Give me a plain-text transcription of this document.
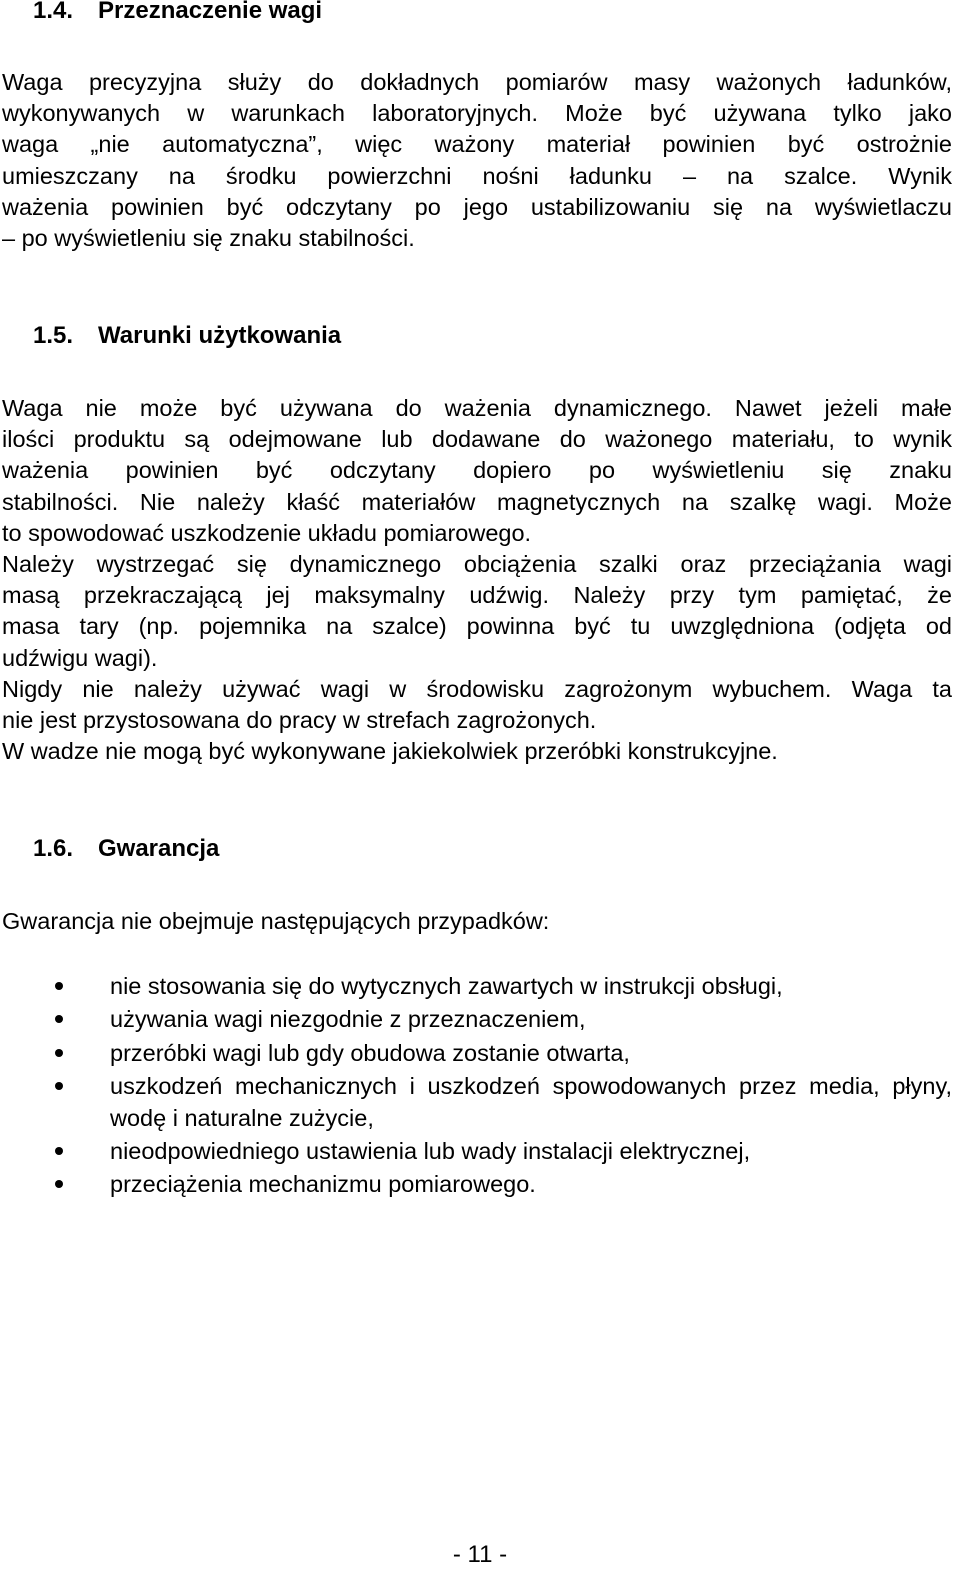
1.4. Przeznaczenie wagi
Waga precyzyjna służy do dokładnych pomiarów masy ważonych ładunków,
wykonywanych w warunkach laboratoryjnych. Może być używana tylko jako
waga „nie automatyczna”, więc ważony materiał powinien być ostrożnie
umieszczany na środku powierzchni nośni ładunku – na szalce. Wynik
ważenia powinien być odczytany po jego ustabilizowaniu się na wyświetlaczu
– po wyświetleniu się znaku stabilności.
1.5. Warunki użytkowania
Waga nie może być używana do ważenia dynamicznego. Nawet jeżeli małe
ilości produktu są odejmowane lub dodawane do ważonego materiału, to wynik
ważenia powinien być odczytany dopiero po wyświetleniu się znaku
stabilności. Nie należy kłaść materiałów magnetycznych na szalkę wagi. Może
to spowodować uszkodzenie układu pomiarowego.
Należy wystrzegać się dynamicznego obciążenia szalki oraz przeciążania wagi
masą przekraczającą jej maksymalny udźwig. Należy przy tym pamiętać, że
masa tary (np. pojemnika na szalce) powinna być tu uwzględniona (odjęta od
udźwigu wagi).
Nigdy nie należy używać wagi w środowisku zagrożonym wybuchem. Waga ta
nie jest przystosowana do pracy w strefach zagrożonych.
W wadze nie mogą być wykonywane jakiekolwiek przeróbki konstrukcyjne.
1.6. Gwarancja
Gwarancja nie obejmuje następujących przypadków:
nie stosowania się do wytycznych zawartych w instrukcji obsługi,
używania wagi niezgodnie z przeznaczeniem,
przeróbki wagi lub gdy obudowa zostanie otwarta,
uszkodzeń mechanicznych i uszkodzeń spowodowanych przez media, płyny, wodę i naturalne zużycie,
nieodpowiedniego ustawienia lub wady instalacji elektrycznej,
przeciążenia mechanizmu pomiarowego.
- 11 -
